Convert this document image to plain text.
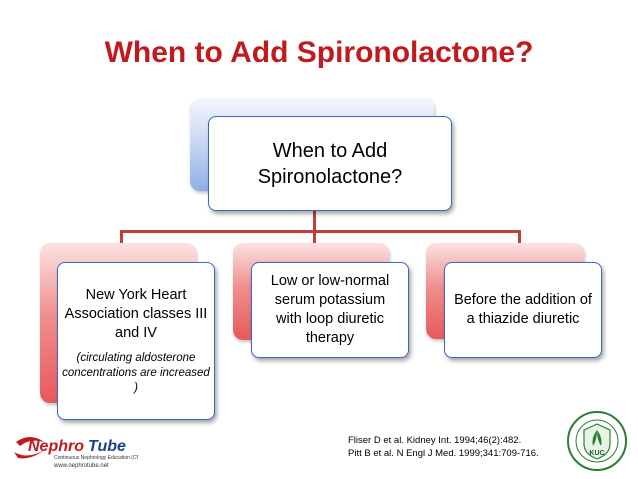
When to Add Spironolactone?
When to Add Spironolactone?
New York Heart Association classes III and IV
(circulating aldosterone concentrations are increased )
Low or low-normal serum potassium with loop diuretic therapy
Before the addition of a thiazide diuretic
Nephro Tube
Continuous Nephrology Education (CNE)
www.nephrotube.net
Fliser D et al. Kidney Int. 1994;46(2):482.
Pitt B et al. N Engl J Med. 1999;341:709-716.	KUC
